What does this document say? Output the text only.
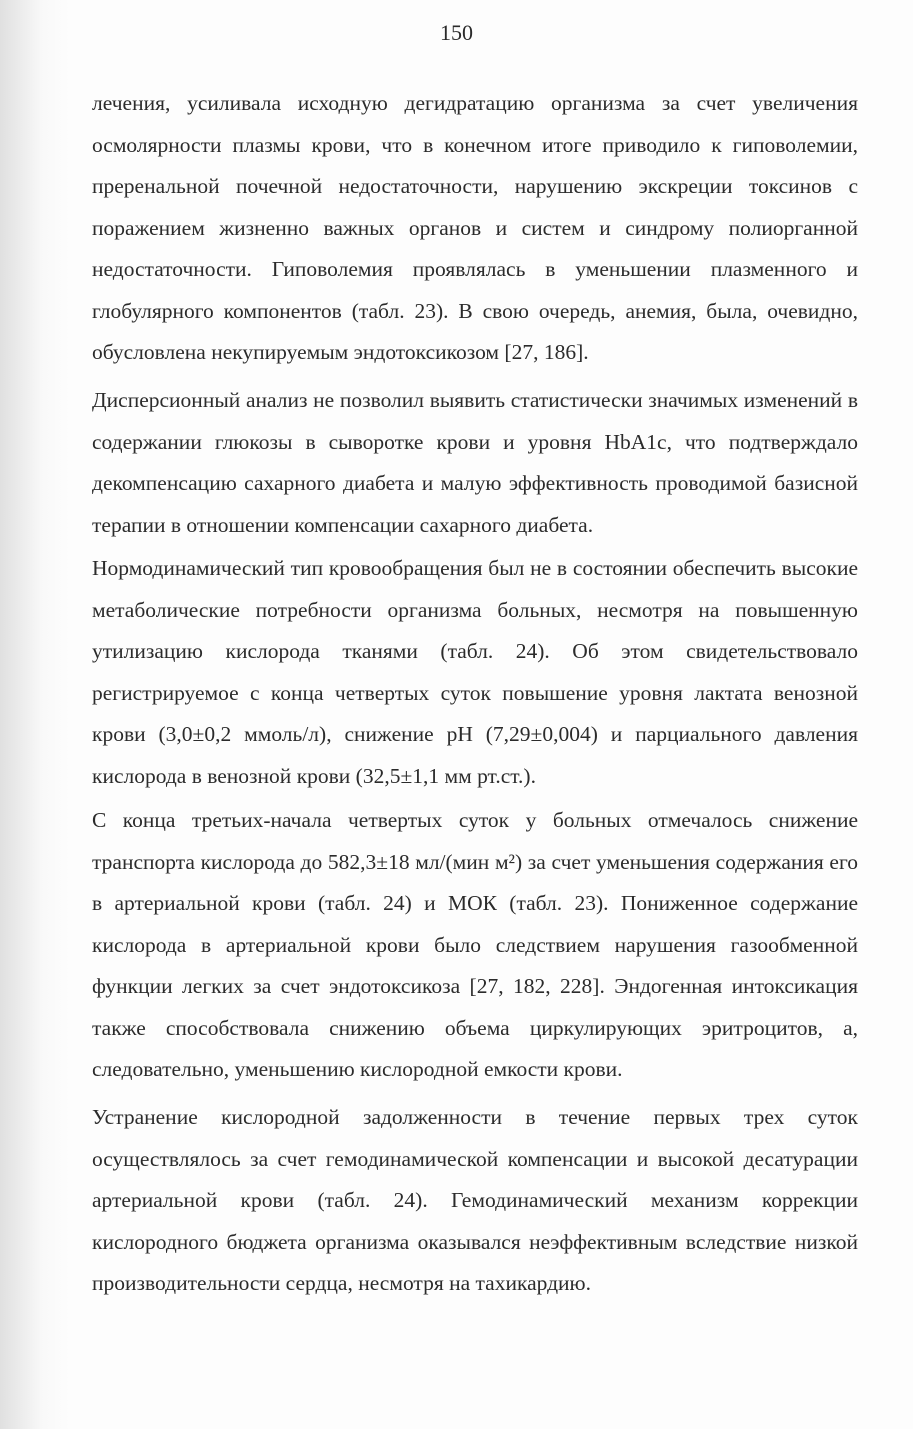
150

лечения, усиливала исходную дегидратацию организма за счет увеличения осмолярности плазмы крови, что в конечном итоге приводило к гиповолемии, преренальной почечной недостаточности, нарушению экскреции токсинов с поражением жизненно важных органов и систем и синдрому полиорганной недостаточности. Гиповолемия проявлялась в уменьшении плазменного и глобулярного компонентов (табл. 23). В свою очередь, анемия, была, очевидно, обусловлена некупируемым эндотоксикозом [27, 186].

Дисперсионный анализ не позволил выявить статистически значимых изменений в содержании глюкозы в сыворотке крови и уровня HbA1c, что подтверждало декомпенсацию сахарного диабета и малую эффективность проводимой базисной терапии в отношении компенсации сахарного диабета.

Нормодинамический тип кровообращения был не в состоянии обеспечить высокие метаболические потребности организма больных, несмотря на повышенную утилизацию кислорода тканями (табл. 24). Об этом свидетельствовало регистрируемое с конца четвертых суток повышение уровня лактата венозной крови (3,0±0,2 ммоль/л), снижение pH (7,29±0,004) и парциального давления кислорода в венозной крови (32,5±1,1 мм рт.ст.).

С конца третьих-начала четвертых суток у больных отмечалось снижение транспорта кислорода до 582,3±18 мл/(мин м²) за счет уменьшения содержания его в артериальной крови (табл. 24) и МОК (табл. 23). Пониженное содержание кислорода в артериальной крови было следствием нарушения газообменной функции легких за счет эндотоксикоза [27, 182, 228]. Эндогенная интоксикация также способствовала снижению объема циркулирующих эритроцитов, а, следовательно, уменьшению кислородной емкости крови.

Устранение кислородной задолженности в течение первых трех суток осуществлялось за счет гемодинамической компенсации и высокой десатурации артериальной крови (табл. 24). Гемодинамический механизм коррекции кислородного бюджета организма оказывался неэффективным вследствие низкой производительности сердца, несмотря на тахикардию.
